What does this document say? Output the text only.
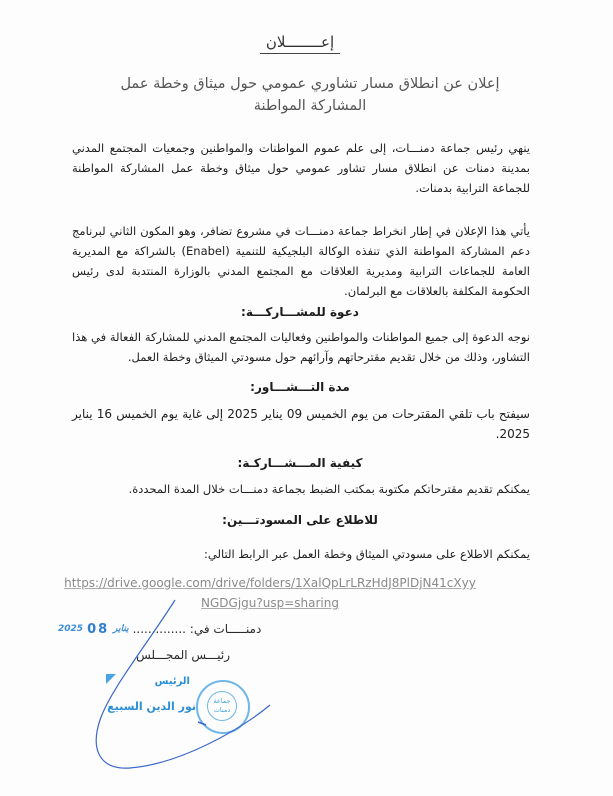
إعــــــــلان
إعلان عن انطلاق مسار تشاوري عمومي حول ميثاق وخطة عمل
المشاركة المواطنة

ينهي رئيس جماعة دمنـــات، إلى علم عموم المواطنات والمواطنين وجمعيات المجتمع المدني بمدينة دمنات عن انطلاق مسار تشاور عمومي حول ميثاق وخطة عمل المشاركة المواطنة للجماعة الترابية بدمنات.

يأتي هذا الإعلان في إطار انخراط جماعة دمنـــات في مشروع تضافر، وهو المكون الثاني لبرنامج دعم المشاركة المواطنة الذي تنفذه الوكالة البلجيكية للتنمية (Enabel) بالشراكة مع المديرية العامة للجماعات الترابية ومديرية العلاقات مع المجتمع المدني بالوزارة المنتدبة لدى رئيس الحكومة المكلفة بالعلاقات مع البرلمان.

دعوة للمشـــاركـــة:

نوجه الدعوة إلى جميع المواطنات والمواطنين وفعاليات المجتمع المدني للمشاركة الفعالة في هذا التشاور، وذلك من خلال تقديم مقترحاتهم وآرائهم حول مسودتي الميثاق وخطة العمل.

مدة التـــشـــاور:

سيفتح باب تلقي المقترحات من يوم الخميس 09 يناير 2025 إلى غاية يوم الخميس 16 يناير 2025.

كيفية المـــشـــاركـة:

يمكنكم تقديم مقترحاتكم مكتوبة بمكتب الضبط بجماعة دمنـــات خلال المدة المحددة.

للاطلاع على المسودتـــين:

يمكنكم الاطلاع على مسودتي الميثاق وخطة العمل عبر الرابط التالي:

https://drive.google.com/drive/folders/1XalQpLrLRzHdJ8PlDjN41cXyyNGDGjgu?usp=sharing
2025 08 يناير دمنـــــات في: ..............
رئيـــس المجـــلس
الرئيس
نور الدين السبيع	جماعة
دمنات
